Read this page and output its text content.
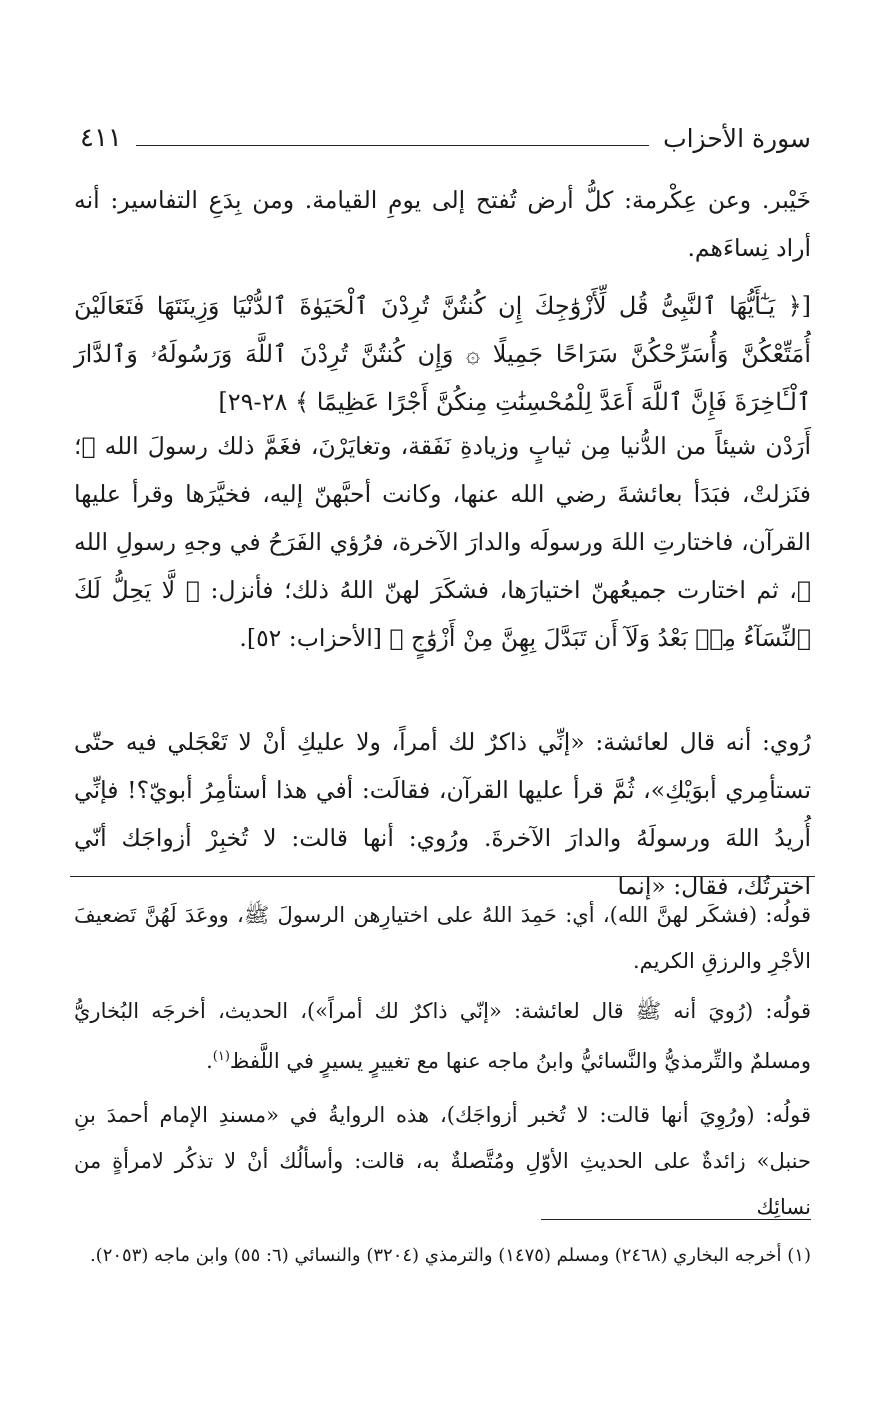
سورة الأحزاب
٤١١

خَيْبر. وعن عِكْرمة: كلُّ أرض تُفتح إلى يومِ القيامة. ومن بِدَعِ التفاسير: أنه أراد نِساءَهم.

[﴿ يَـٰٓأَيُّهَا ٱلنَّبِىُّ قُل لِّأَزْوَٰجِكَ إِن كُنتُنَّ تُرِدْنَ ٱلْحَيَوٰةَ ٱلدُّنْيَا وَزِينَتَهَا فَتَعَالَيْنَ أُمَتِّعْكُنَّ وَأُسَرِّحْكُنَّ سَرَاحًا جَمِيلًا ۞ وَإِن كُنتُنَّ تُرِدْنَ ٱللَّهَ وَرَسُولَهُۥ وَٱلدَّارَ ٱلْـَٔاخِرَةَ فَإِنَّ ٱللَّهَ أَعَدَّ لِلْمُحْسِنَٰتِ مِنكُنَّ أَجْرًا عَظِيمًا ﴾ ٢٨-٢٩]

أَرَدْن شيئاً من الدُّنيا مِن ثيابٍ وزيادةِ نَفَقة، وتغايَرْنَ، فغَمَّ ذلك رسولَ الله ﷺ؛ فنَزلتْ، فبَدَأ بعائشةَ رضي الله عنها، وكانت أحبَّهنّ إليه، فخيَّرَها وقرأ عليها القرآن، فاختارتِ اللهَ ورسولَه والدارَ الآخرة، فرُؤي الفَرَحُ في وجهِ رسولِ الله ﷺ، ثم اختارت جميعُهنّ اختيارَها، فشكَرَ لهنّ اللهُ ذلك؛ فأنزل: ﴿ لَّا يَحِلُّ لَكَ ٱلنِّسَآءُ مِنۢ بَعْدُ وَلَآ أَن تَبَدَّلَ بِهِنَّ مِنْ أَزْوَٰجٍ ﴾ [الأحزاب: ٥٢].

رُوي: أنه قال لعائشة: «إنِّي ذاكرٌ لك أمراً، ولا عليكِ أنْ لا تَعْجَلي فيه حتّى تستأمِري أبوَيْكِ»، ثُمَّ قرأ عليها القرآن، فقالَت: أفي هذا أستأمِرُ أبويّ؟! فإنِّي أُريدُ اللهَ ورسولَهُ والدارَ الآخرةَ. ورُوي: أنها قالت: لا تُخبِرْ أزواجَك أنّي اخترتُك، فقال: «إنما

قولُه: (فشكَر لهنَّ الله)، أي: حَمِدَ اللهُ على اختيارِهن الرسولَ ﷺ، ووعَدَ لَهُنَّ تَضعيفَ الأجْرِ والرزقِ الكريم.

قولُه: (رُويَ أنه ﷺ قال لعائشة: «إنّي ذاكرٌ لك أمراً»)، الحديث، أخرجَه البُخاريُّ ومسلمٌ والتِّرمذيُّ والنَّسائيُّ وابنُ ماجه عنها مع تغييرٍ يسيرٍ في اللَّفظ$^{(١)}$.

قولُه: (ورُوِيَ أنها قالت: لا تُخبر أزواجَك)، هذه الروايةُ في «مسندِ الإمام أحمدَ بنِ حنبل» زائدةٌ على الحديثِ الأوّلِ ومُتَّصلةٌ به، قالت: وأسألُك أنْ لا تذكُر لامرأةٍ من نسائِك

(١) أخرجه البخاري (٢٤٦٨) ومسلم (١٤٧٥) والترمذي (٣٢٠٤) والنسائي (٦: ٥٥) وابن ماجه (٢٠٥٣).
